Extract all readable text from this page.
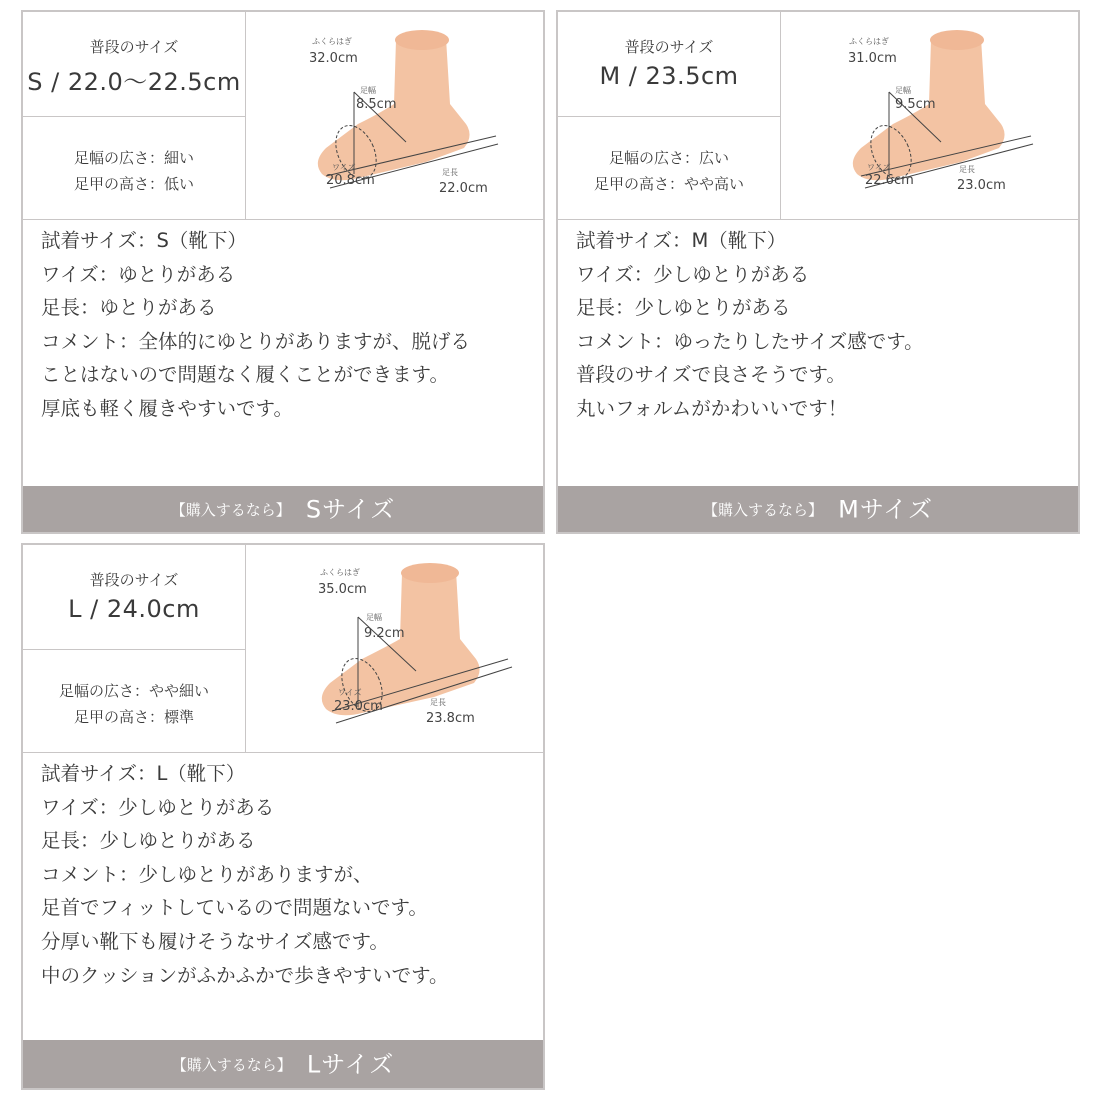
普段のサイズ
S / 22.0〜22.5cm
足幅の広さ：細い
足甲の高さ：低い
ふくらはぎ
32.0cm
足幅
8.5cm
ワイズ
20.8cm
足長
22.0cm
試着サイズ：S（靴下）
ワイズ：ゆとりがある
足長：ゆとりがある
コメント：全体的にゆとりがありますが、脱げる
ことはないので問題なく履くことができます。
厚底も軽く履きやすいです。
【購入するなら】 Sサイズ
普段のサイズ
M / 23.5cm
足幅の広さ：広い
足甲の高さ：やや高い
ふくらはぎ
31.0cm
足幅
9.5cm
ワイズ
22.6cm
足長
23.0cm
試着サイズ：M（靴下）
ワイズ：少しゆとりがある
足長：少しゆとりがある
コメント：ゆったりしたサイズ感です。
普段のサイズで良さそうです。
丸いフォルムがかわいいです！
【購入するなら】 Mサイズ
普段のサイズ
L / 24.0cm
足幅の広さ：やや細い
足甲の高さ：標準
ふくらはぎ
35.0cm
足幅
9.2cm
ワイズ
23.0cm	足長
23.8cm
試着サイズ：L（靴下）
ワイズ：少しゆとりがある
足長：少しゆとりがある
コメント：少しゆとりがありますが、
足首でフィットしているので問題ないです。
分厚い靴下も履けそうなサイズ感です。
中のクッションがふかふかで歩きやすいです。
【購入するなら】 Lサイズ
